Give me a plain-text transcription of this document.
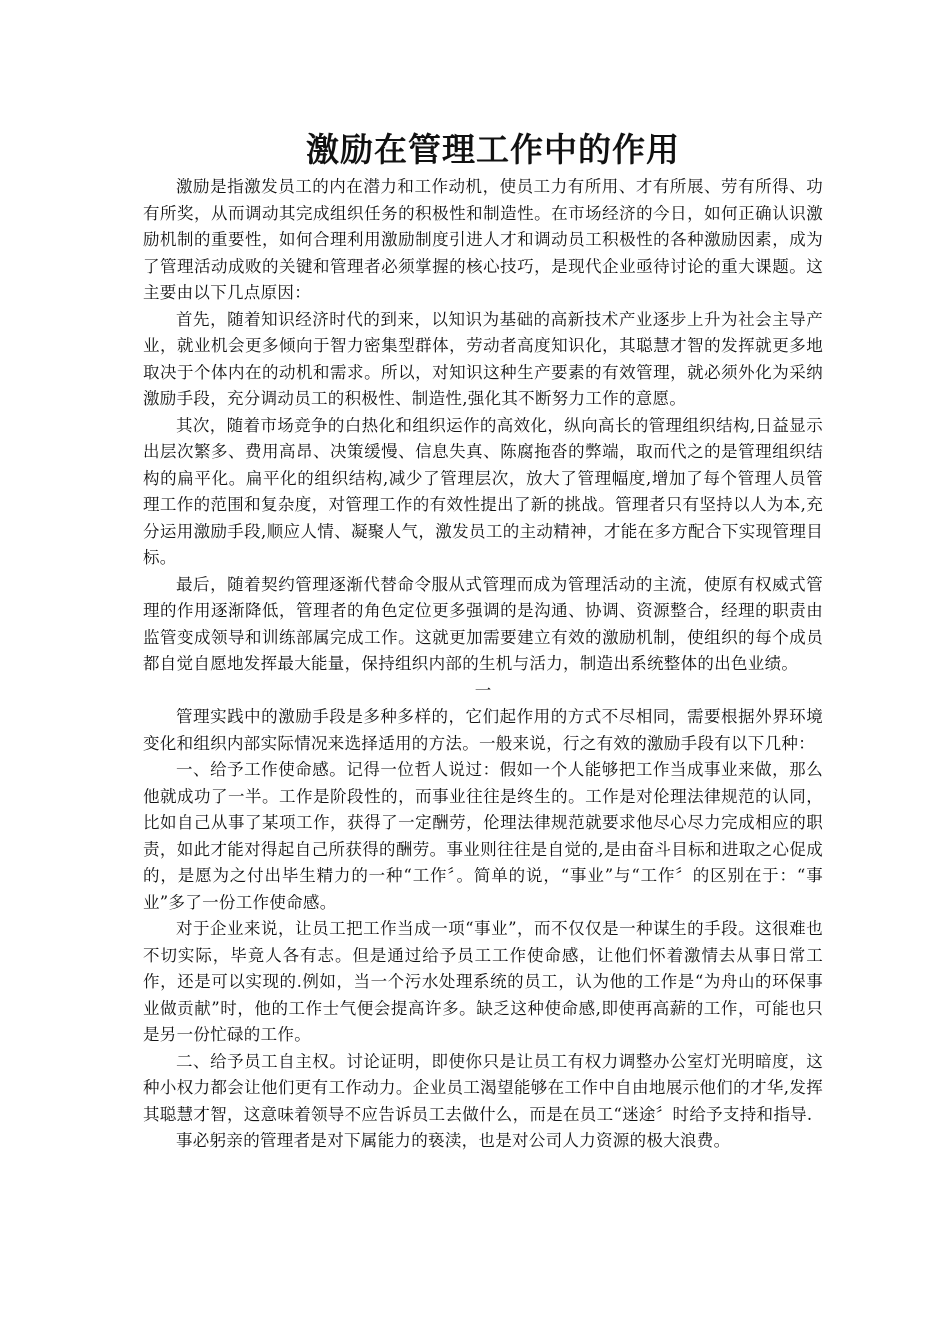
激励在管理工作中的作用

激励是指激发员工的内在潜力和工作动机，使员工力有所用、才有所展、劳有所得、功有所奖，从而调动其完成组织任务的积极性和制造性。在市场经济的今日，如何正确认识激励机制的重要性，如何合理利用激励制度引进人才和调动员工积极性的各种激励因素，成为了管理活动成败的关键和管理者必须掌握的核心技巧，是现代企业亟待讨论的重大课题。这主要由以下几点原因：

首先，随着知识经济时代的到来，以知识为基础的高新技术产业逐步上升为社会主导产业，就业机会更多倾向于智力密集型群体，劳动者高度知识化，其聪慧才智的发挥就更多地取决于个体内在的动机和需求。所以，对知识这种生产要素的有效管理，就必须外化为采纳激励手段，充分调动员工的积极性、制造性,强化其不断努力工作的意愿。

其次，随着市场竞争的白热化和组织运作的高效化，纵向高长的管理组织结构,日益显示出层次繁多、费用高昂、决策缓慢、信息失真、陈腐拖沓的弊端，取而代之的是管理组织结构的扁平化。扁平化的组织结构,减少了管理层次，放大了管理幅度,增加了每个管理人员管理工作的范围和复杂度，对管理工作的有效性提出了新的挑战。管理者只有坚持以人为本,充分运用激励手段,顺应人情、凝聚人气，激发员工的主动精神，才能在多方配合下实现管理目标。

最后，随着契约管理逐渐代替命令服从式管理而成为管理活动的主流，使原有权威式管理的作用逐渐降低，管理者的角色定位更多强调的是沟通、协调、资源整合，经理的职责由监管变成领导和训练部属完成工作。这就更加需要建立有效的激励机制，使组织的每个成员都自觉自愿地发挥最大能量，保持组织内部的生机与活力，制造出系统整体的出色业绩。

一

管理实践中的激励手段是多种多样的，它们起作用的方式不尽相同，需要根据外界环境变化和组织内部实际情况来选择适用的方法。一般来说，行之有效的激励手段有以下几种：

一、给予工作使命感。记得一位哲人说过：假如一个人能够把工作当成事业来做，那么他就成功了一半。工作是阶段性的，而事业往往是终生的。工作是对伦理法律规范的认同，比如自己从事了某项工作，获得了一定酬劳，伦理法律规范就要求他尽心尽力完成相应的职责，如此才能对得起自己所获得的酬劳。事业则往往是自觉的,是由奋斗目标和进取之心促成的，是愿为之付出毕生精力的一种“工作〞。简单的说，“事业”与“工作〞的区别在于：“事业”多了一份工作使命感。

对于企业来说，让员工把工作当成一项“事业”，而不仅仅是一种谋生的手段。这很难也不切实际，毕竟人各有志。但是通过给予员工工作使命感，让他们怀着激情去从事日常工作，还是可以实现的.例如，当一个污水处理系统的员工，认为他的工作是“为舟山的环保事业做贡献”时，他的工作士气便会提高许多。缺乏这种使命感,即使再高薪的工作，可能也只是另一份忙碌的工作。

二、给予员工自主权。讨论证明，即使你只是让员工有权力调整办公室灯光明暗度，这种小权力都会让他们更有工作动力。企业员工渴望能够在工作中自由地展示他们的才华,发挥其聪慧才智，这意味着领导不应告诉员工去做什么，而是在员工“迷途〞时给予支持和指导.

事必躬亲的管理者是对下属能力的亵渎，也是对公司人力资源的极大浪费。
